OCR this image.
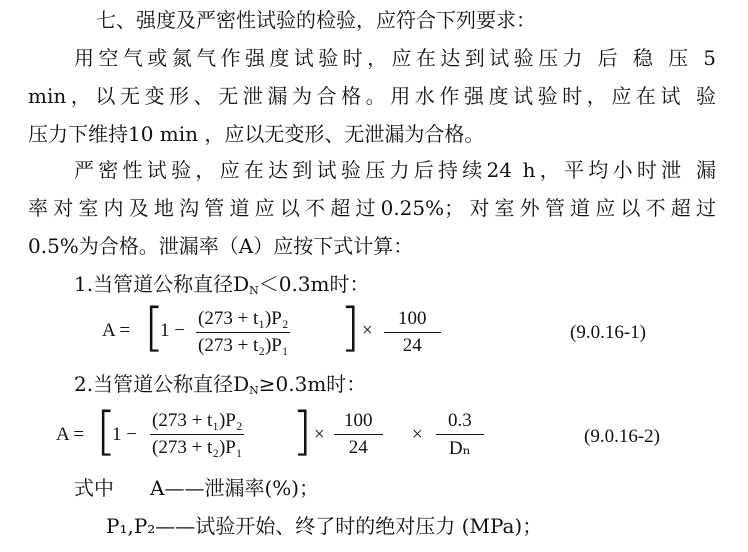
七、强度及严密性试验的检验，应符合下列要求：
用空气或氮气作强度试验时，应在达到试验压力 后 稳 压 5
min，以无变形、无泄漏为合格。用水作强度试验时，应在试 验
压力下维持10 min ，应以无变形、无泄漏为合格。
严密性试验，应在达到试验压力后持续24 h，平均小时泄 漏
率对室内及地沟管道应以不超过0.25%；对室外管道应以不超过
0.5%为合格。泄漏率（A）应按下式计算：
1.当管道公称直径$D_N<0.3m$时：
A = [
$1 - \frac{\text{(273 + t₁)P₂}}{\text{(273 + t₂)P₁}}$ ] × $\frac{100}{24}$	(9.0.16-1)
2.当管道公称直径$D_N\ge 0.3m$时：
A = [
$1 - \frac{\text{(273 + t₁)P₂}}{\text{(273 + t₂)P₁}}$ ] × $\frac{100}{24} \times \frac{0.3}{\text{Dₙ}}$	(9.0.16-2)
式中 A——泄漏率(%)；
P₁,P₂——试验开始、终了时的绝对压力 (MPa)；
